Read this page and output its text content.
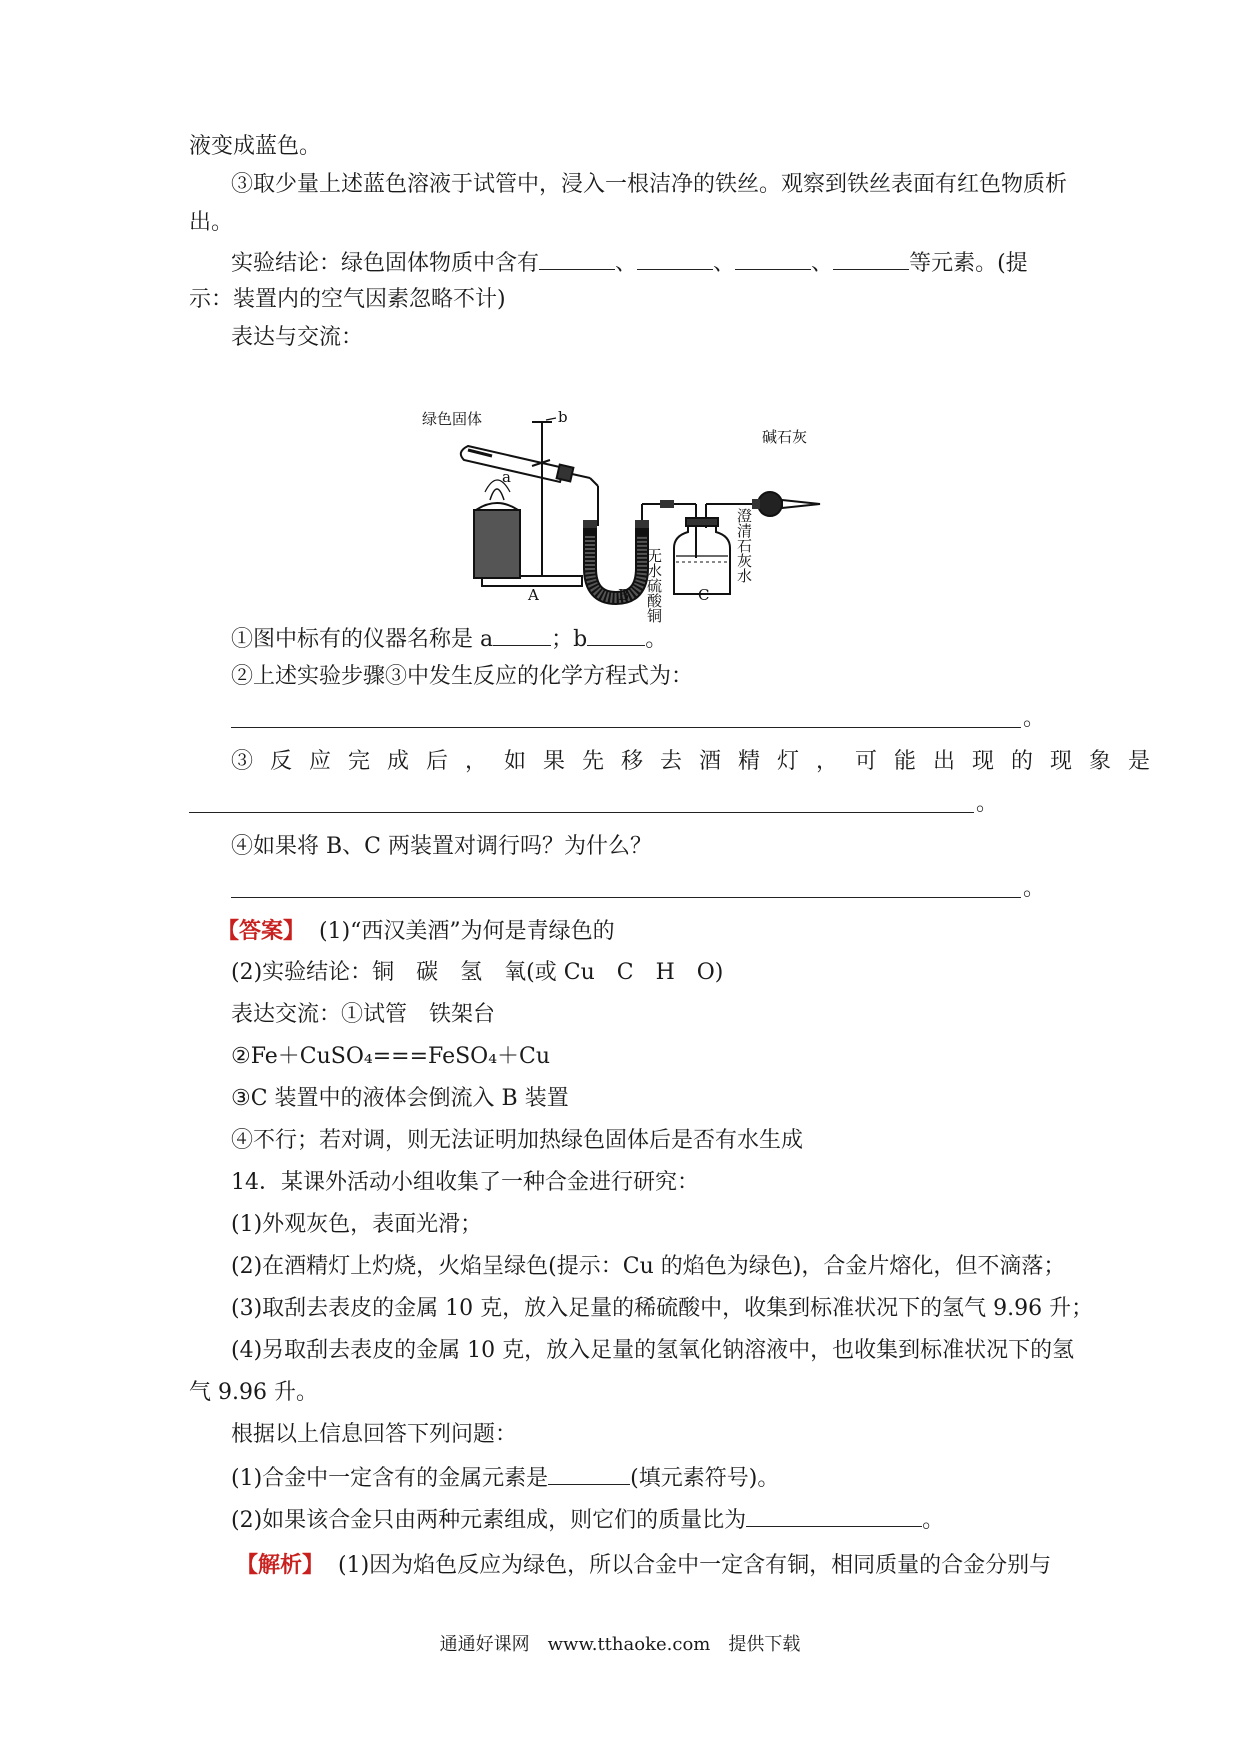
液变成蓝色。
③取少量上述蓝色溶液于试管中，浸入一根洁净的铁丝。观察到铁丝表面有红色物质析
出。
实验结论：绿色固体物质中含有	、	、	、	等元素。(提
示：装置内的空气因素忽略不计)
表达与交流：
绿色固体	b
a
碱石灰
无水硫酸铜
澄清石灰水
A	B	C
①图中标有的仪器名称是 a	；b	。
②上述实验步骤③中发生反应的化学方程式为：
。
③反应完成后，如果先移去酒精灯，可能出现的现象是
。
④如果将 B、C 两装置对调行吗？为什么？
。
【答案】 (1)“西汉美酒”为何是青绿色的
(2)实验结论：铜　碳　氢　氧(或 Cu　C　H　O)
表达交流：①试管　铁架台
②Fe＋CuSO₄===FeSO₄＋Cu
③C 装置中的液体会倒流入 B 装置
④不行；若对调，则无法证明加热绿色固体后是否有水生成
14．某课外活动小组收集了一种合金进行研究：
(1)外观灰色，表面光滑；
(2)在酒精灯上灼烧，火焰呈绿色(提示：Cu 的焰色为绿色)，合金片熔化，但不滴落；
(3)取刮去表皮的金属 10 克，放入足量的稀硫酸中，收集到标准状况下的氢气 9.96 升；
(4)另取刮去表皮的金属 10 克，放入足量的氢氧化钠溶液中，也收集到标准状况下的氢
气 9.96 升。
根据以上信息回答下列问题：
(1)合金中一定含有的金属元素是	(填元素符号)。
(2)如果该合金只由两种元素组成，则它们的质量比为	。
【解析】 (1)因为焰色反应为绿色，所以合金中一定含有铜，相同质量的合金分别与
通通好课网　www.tthaoke.com　提供下载
